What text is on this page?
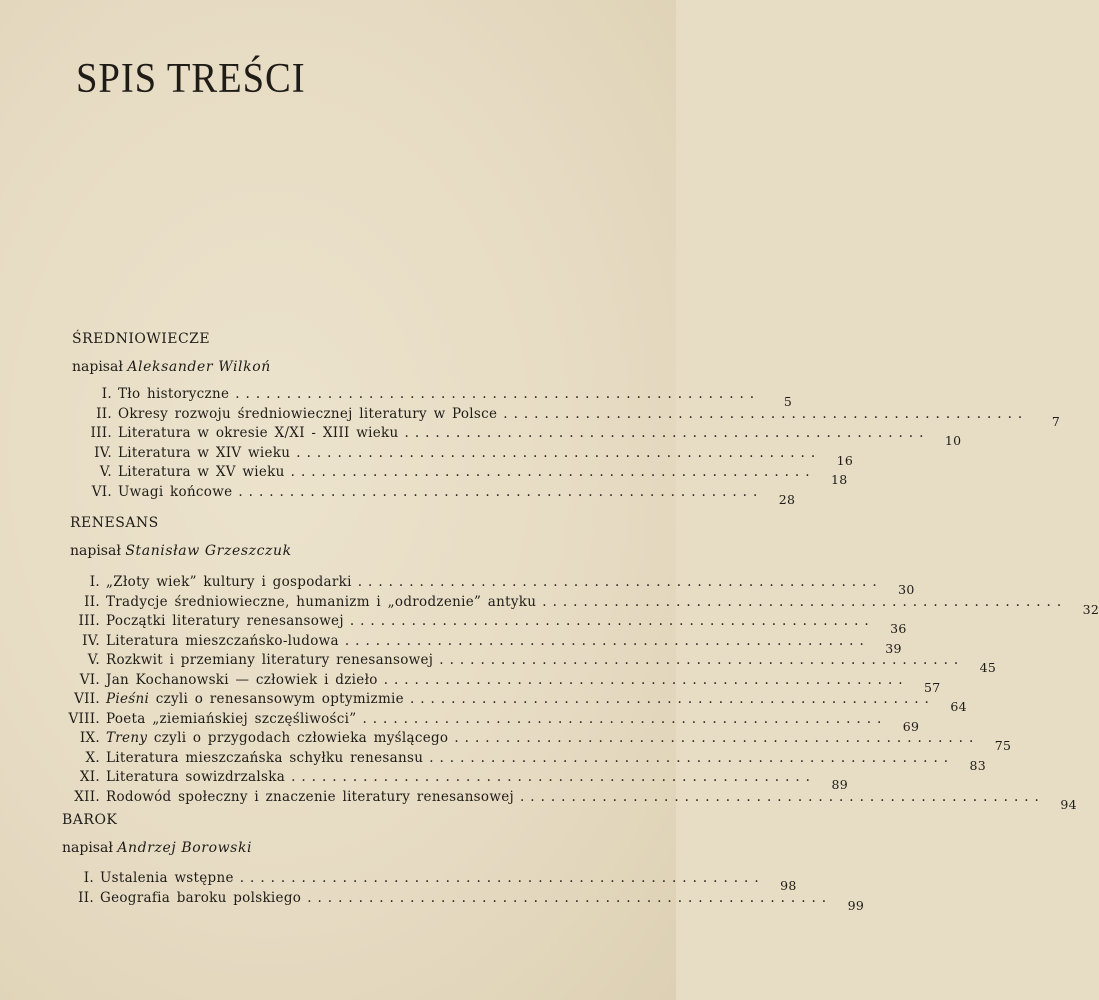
SPIS TREŚCI
ŚREDNIOWIECZE
napisał Aleksander Wilkoń
I. Tło historyczne ...................................................	5
II. Okresy rozwoju średniowiecznej literatury w Polsce ...................................................	7
III. Literatura w okresie X/XI - XIII wieku ...................................................	10
IV. Literatura w XIV wieku ...................................................	16
V. Literatura w XV wieku ...................................................	18
VI. Uwagi końcowe ...................................................	28
RENESANS
napisał Stanisław Grzeszczuk
I. „Złoty wiek” kultury i gospodarki ...................................................	30
II. Tradycje średniowieczne, humanizm i „odrodzenie” antyku ...................................................	32
III. Początki literatury renesansowej ...................................................	36
IV. Literatura mieszczańsko-ludowa ...................................................	39
V. Rozkwit i przemiany literatury renesansowej ...................................................	45
VI. Jan Kochanowski — człowiek i dzieło ...................................................	57
VII. Pieśni czyli o renesansowym optymizmie ...................................................	64
VIII. Poeta „ziemiańskiej szczęśliwości” ...................................................	69
IX. Treny czyli o przygodach człowieka myślącego ...................................................	75
X. Literatura mieszczańska schyłku renesansu ...................................................	83
XI. Literatura sowizdrzalska ...................................................	89
XII. Rodowód społeczny i znaczenie literatury renesansowej ...................................................	94
BAROK
napisał Andrzej Borowski
I. Ustalenia wstępne ...................................................	98
II. Geografia baroku polskiego ...................................................	99
